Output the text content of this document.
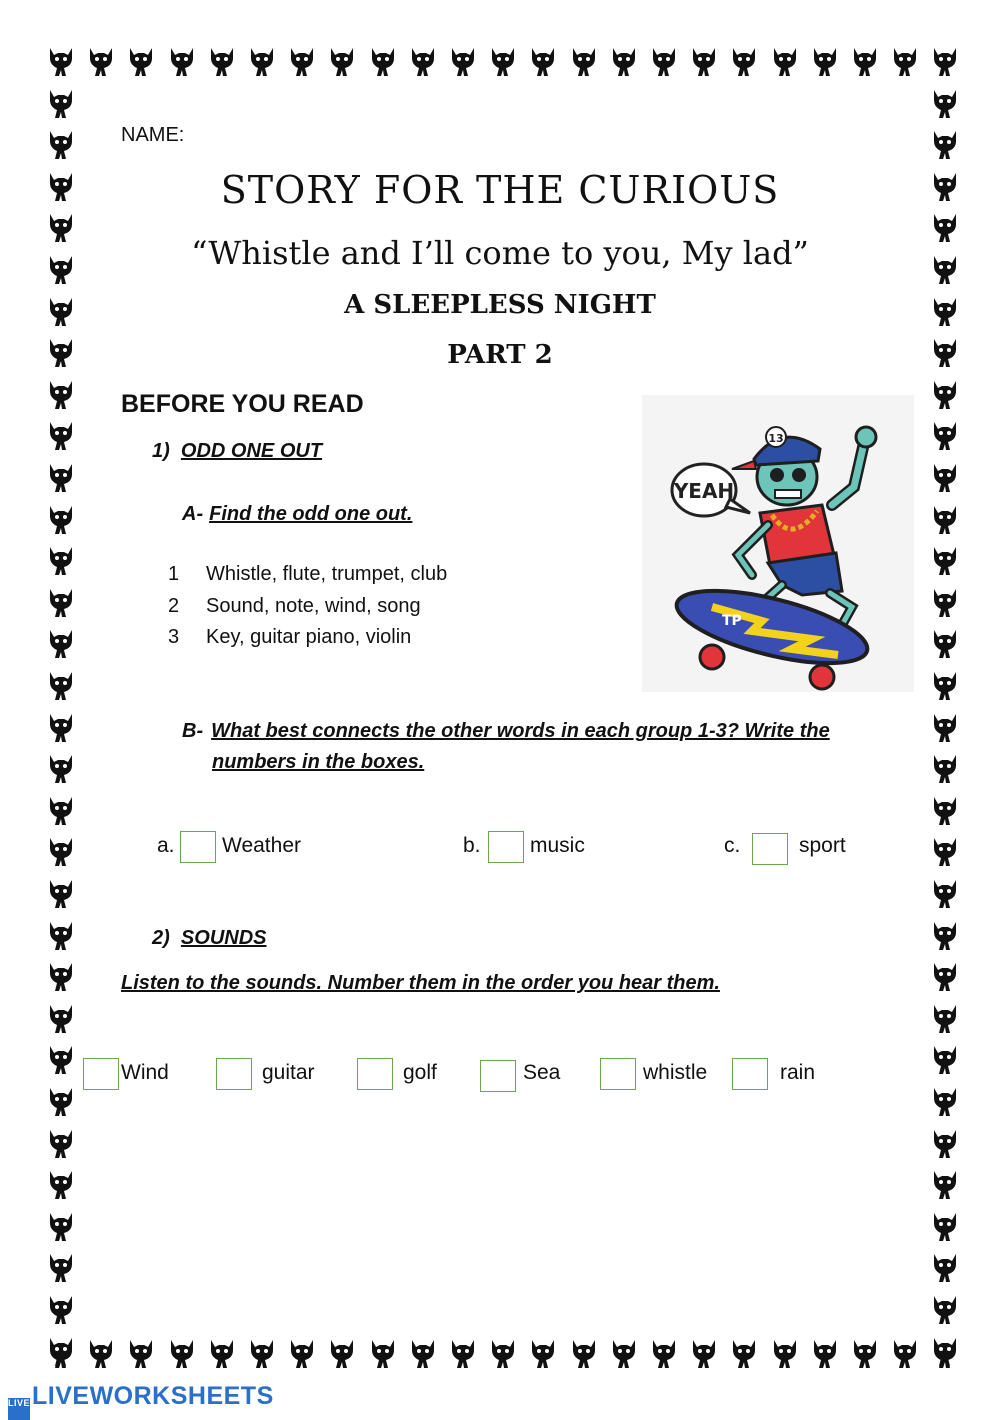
NAME:
STORY FOR THE CURIOUS
“Whistle and I’ll come to you, My lad”
A SLEEPLESS NIGHT
PART 2
BEFORE YOU READ
1) ODD ONE OUT
A- Find the odd one out.
1 Whistle, flute, trumpet, club
2 Sound, note, wind, song
3 Key, guitar piano, violin
YEAH
13
TP
B- What best connects the other words in each group 1-3? Write the
numbers in the boxes.
a. Weather	b. music	c.	sport
2) SOUNDS
Listen to the sounds. Number them in the order you hear them.
Wind	guitar	golf	Sea	whistle	rain
LIVELIVEWORKSHEETS
